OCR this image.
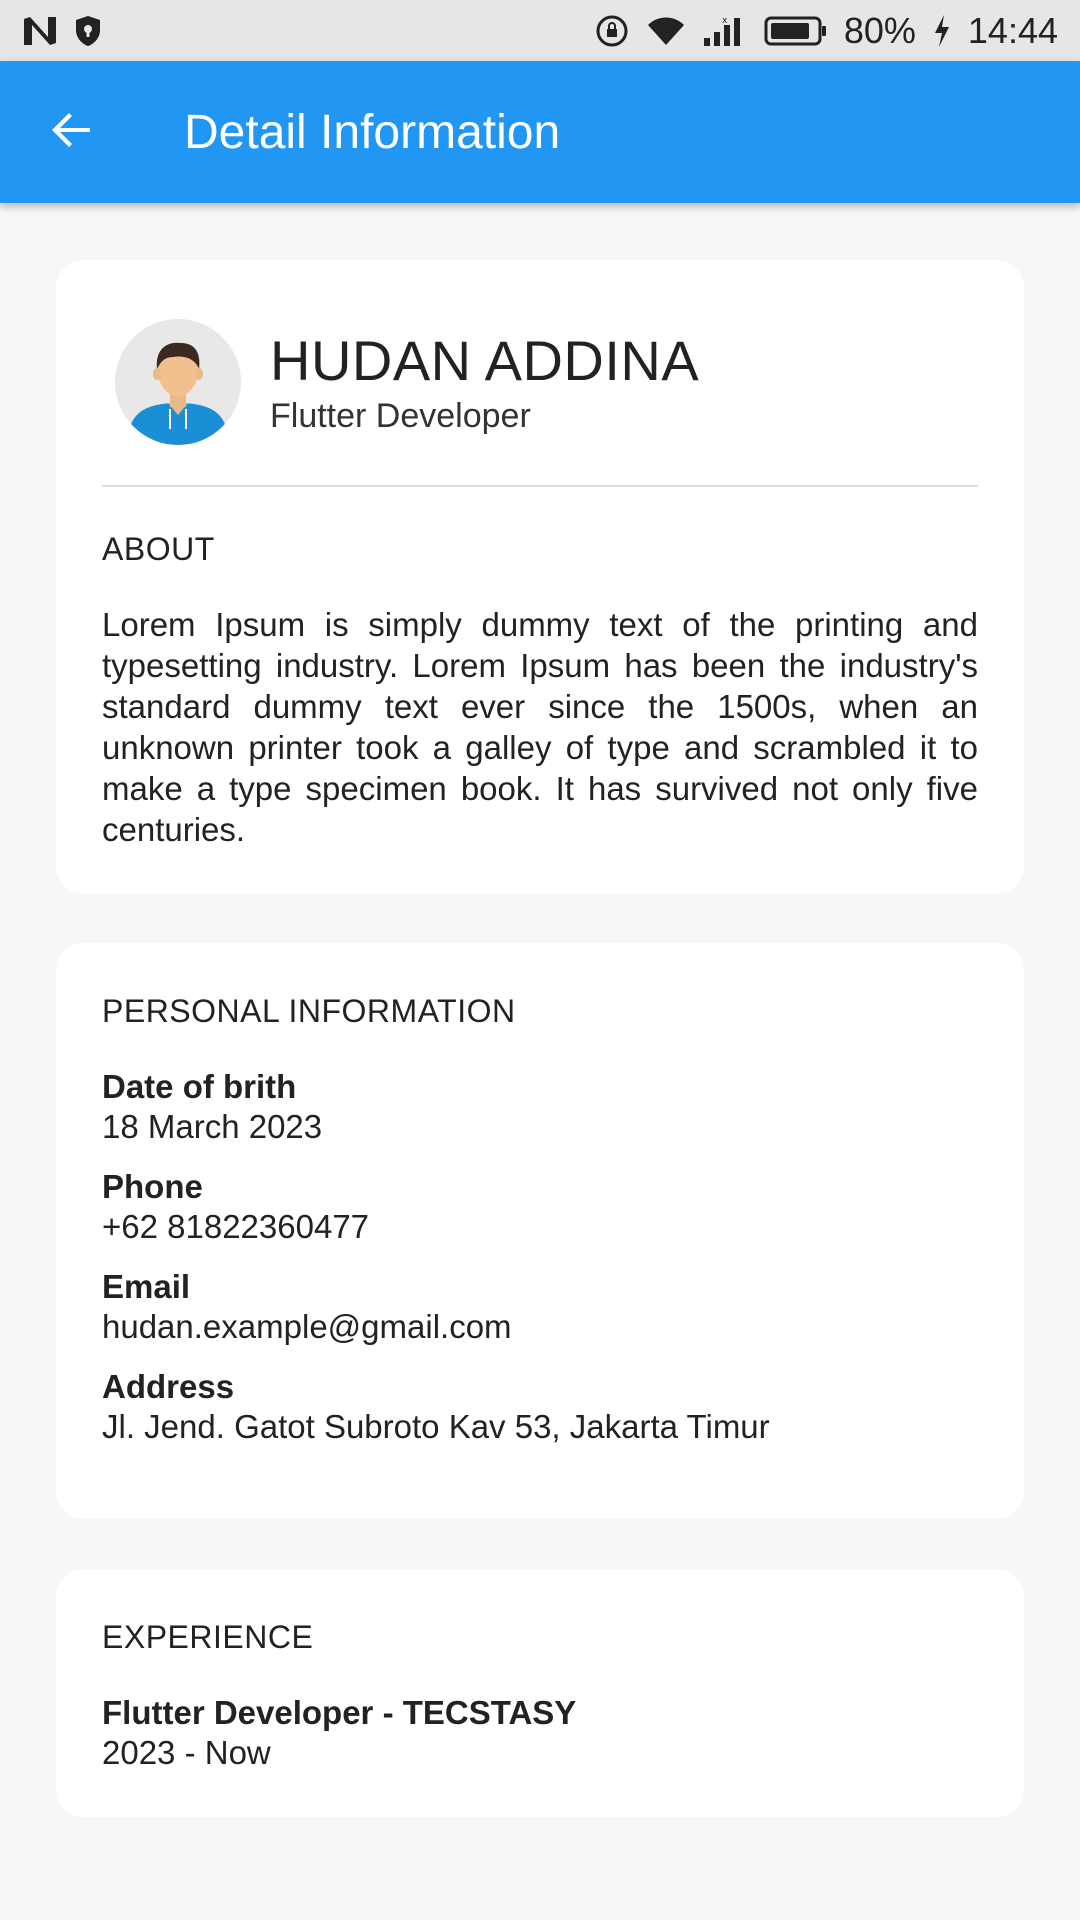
x	80% 14:44
Detail Information
HUDAN ADDINA
Flutter Developer
ABOUT
Lorem Ipsum is simply dummy text of the printing and typesetting industry. Lorem Ipsum has been the industry's standard dummy text ever since the 1500s, when an unknown printer took a galley of type and scrambled it to make a type specimen book. It has survived not only five centuries.
PERSONAL INFORMATION
Date of brith
18 March 2023
Phone
+62 81822360477
Email
hudan.example@gmail.com
Address
Jl. Jend. Gatot Subroto Kav 53, Jakarta Timur
EXPERIENCE
Flutter Developer - TECSTASY
2023 - Now
